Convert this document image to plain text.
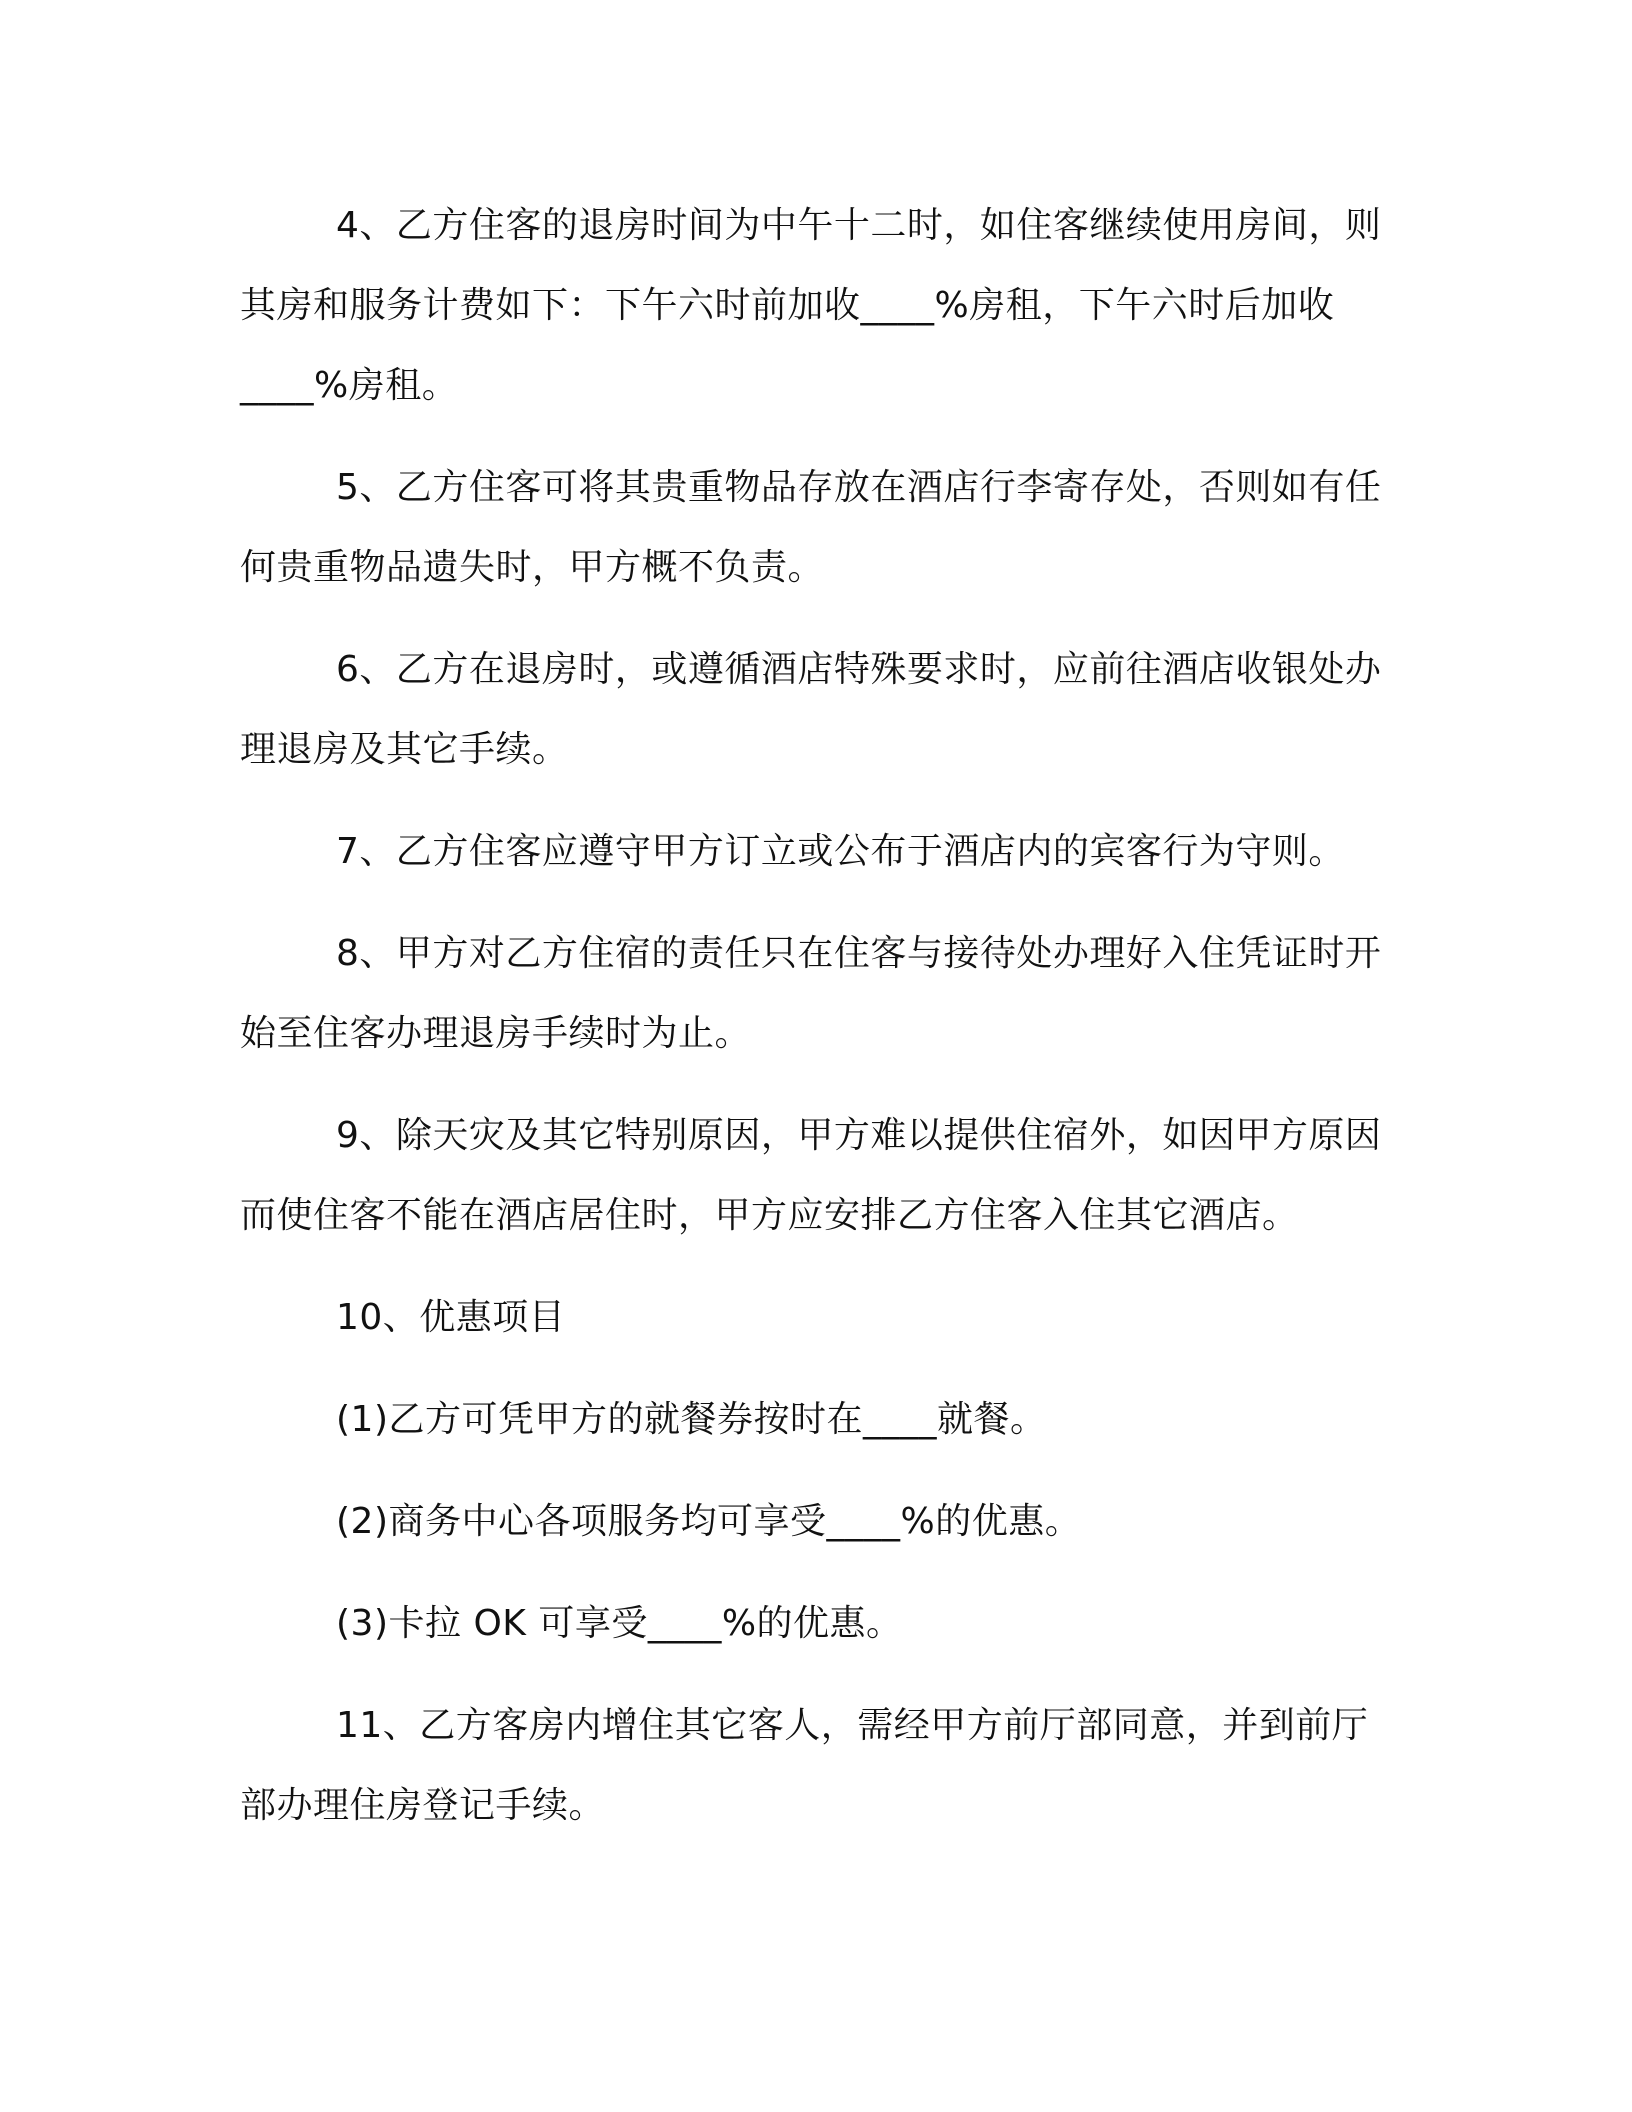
4、乙方住客的退房时间为中午十二时，如住客继续使用房间，则其房和服务计费如下：下午六时前加收____%房租，下午六时后加收____%房租。

5、乙方住客可将其贵重物品存放在酒店行李寄存处，否则如有任何贵重物品遗失时，甲方概不负责。

6、乙方在退房时，或遵循酒店特殊要求时，应前往酒店收银处办理退房及其它手续。

7、乙方住客应遵守甲方订立或公布于酒店内的宾客行为守则。

8、甲方对乙方住宿的责任只在住客与接待处办理好入住凭证时开始至住客办理退房手续时为止。

9、除天灾及其它特别原因，甲方难以提供住宿外，如因甲方原因而使住客不能在酒店居住时，甲方应安排乙方住客入住其它酒店。

10、优惠项目

(1)乙方可凭甲方的就餐券按时在____就餐。

(2)商务中心各项服务均可享受____%的优惠。

(3)卡拉 OK 可享受____%的优惠。

11、乙方客房内增住其它客人，需经甲方前厅部同意，并到前厅部办理住房登记手续。
